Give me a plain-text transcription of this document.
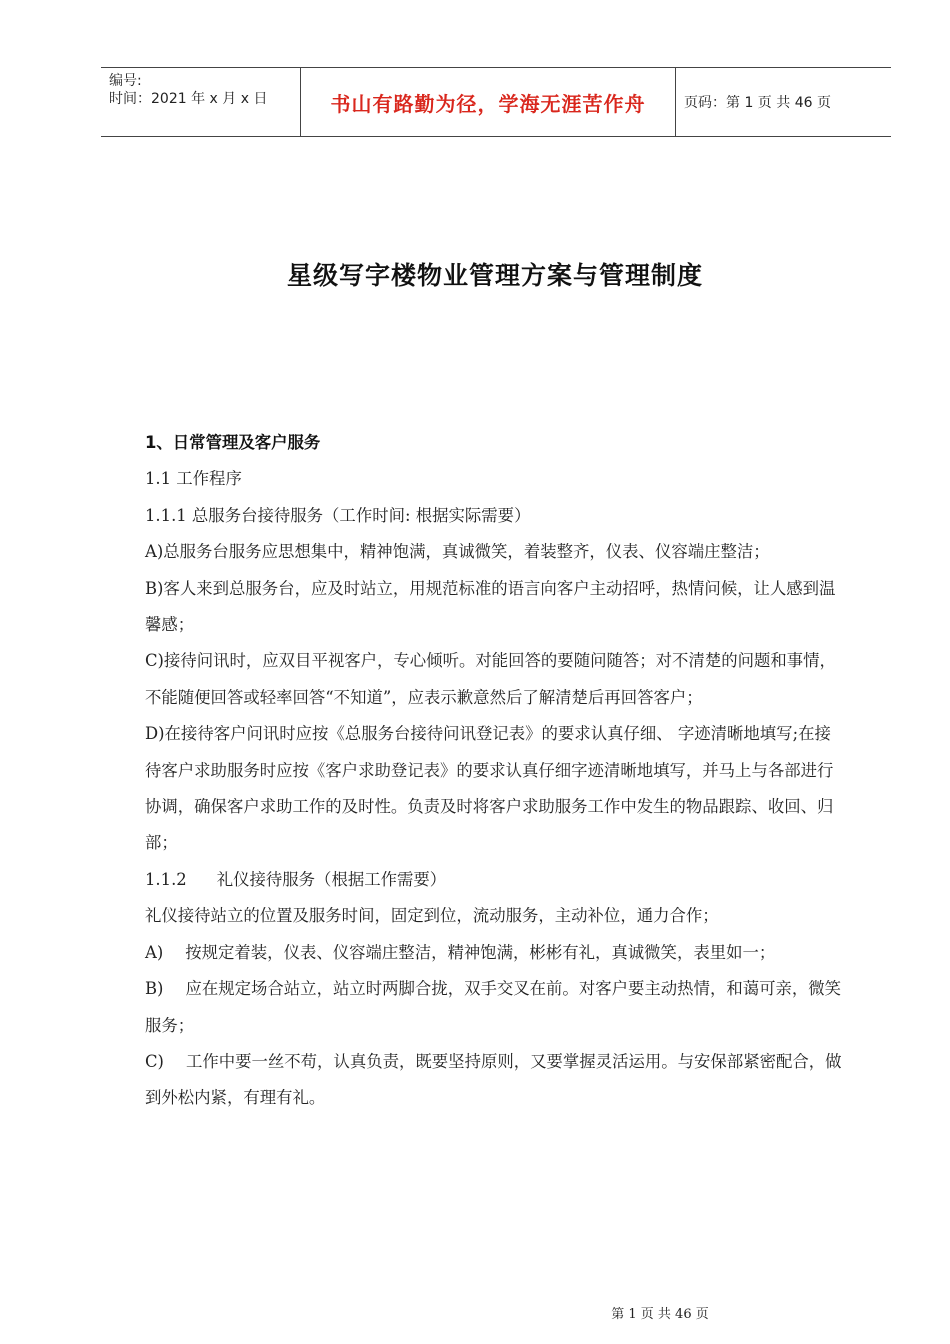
编号:
时间：2021 年 x 月 x 日	书山有路勤为径，学海无涯苦作舟	页码：第 1 页 共 46 页
星级写字楼物业管理方案与管理制度

1、日常管理及客户服务

1.1 工作程序

1.1.1 总服务台接待服务（工作时间: 根据实际需要）

A)总服务台服务应思想集中，精神饱满，真诚微笑，着装整齐，仪表、仪容端庄整洁；

B)客人来到总服务台，应及时站立，用规范标准的语言向客户主动招呼，热情问候，让人感到温馨感；

C)接待问讯时，应双目平视客户，专心倾听。对能回答的要随问随答；对不清楚的问题和事情，不能随便回答或轻率回答“不知道”，应表示歉意然后了解清楚后再回答客户；

D)在接待客户问讯时应按《总服务台接待问讯登记表》的要求认真仔细、 字迹清晰地填写;在接待客户求助服务时应按《客户求助登记表》的要求认真仔细字迹清晰地填写，并马上与各部进行协调，确保客户求助工作的及时性。负责及时将客户求助服务工作中发生的物品跟踪、收回、归部；

1.1.2 礼仪接待服务（根据工作需要）

礼仪接待站立的位置及服务时间，固定到位，流动服务，主动补位，通力合作；

A) 按规定着装，仪表、仪容端庄整洁，精神饱满，彬彬有礼，真诚微笑，表里如一；

B) 应在规定场合站立，站立时两脚合拢，双手交叉在前。对客户要主动热情，和蔼可亲，微笑服务；

C) 工作中要一丝不苟，认真负责，既要坚持原则，又要掌握灵活运用。与安保部紧密配合，做到外松内紧，有理有礼。

第 1 页 共 46 页
